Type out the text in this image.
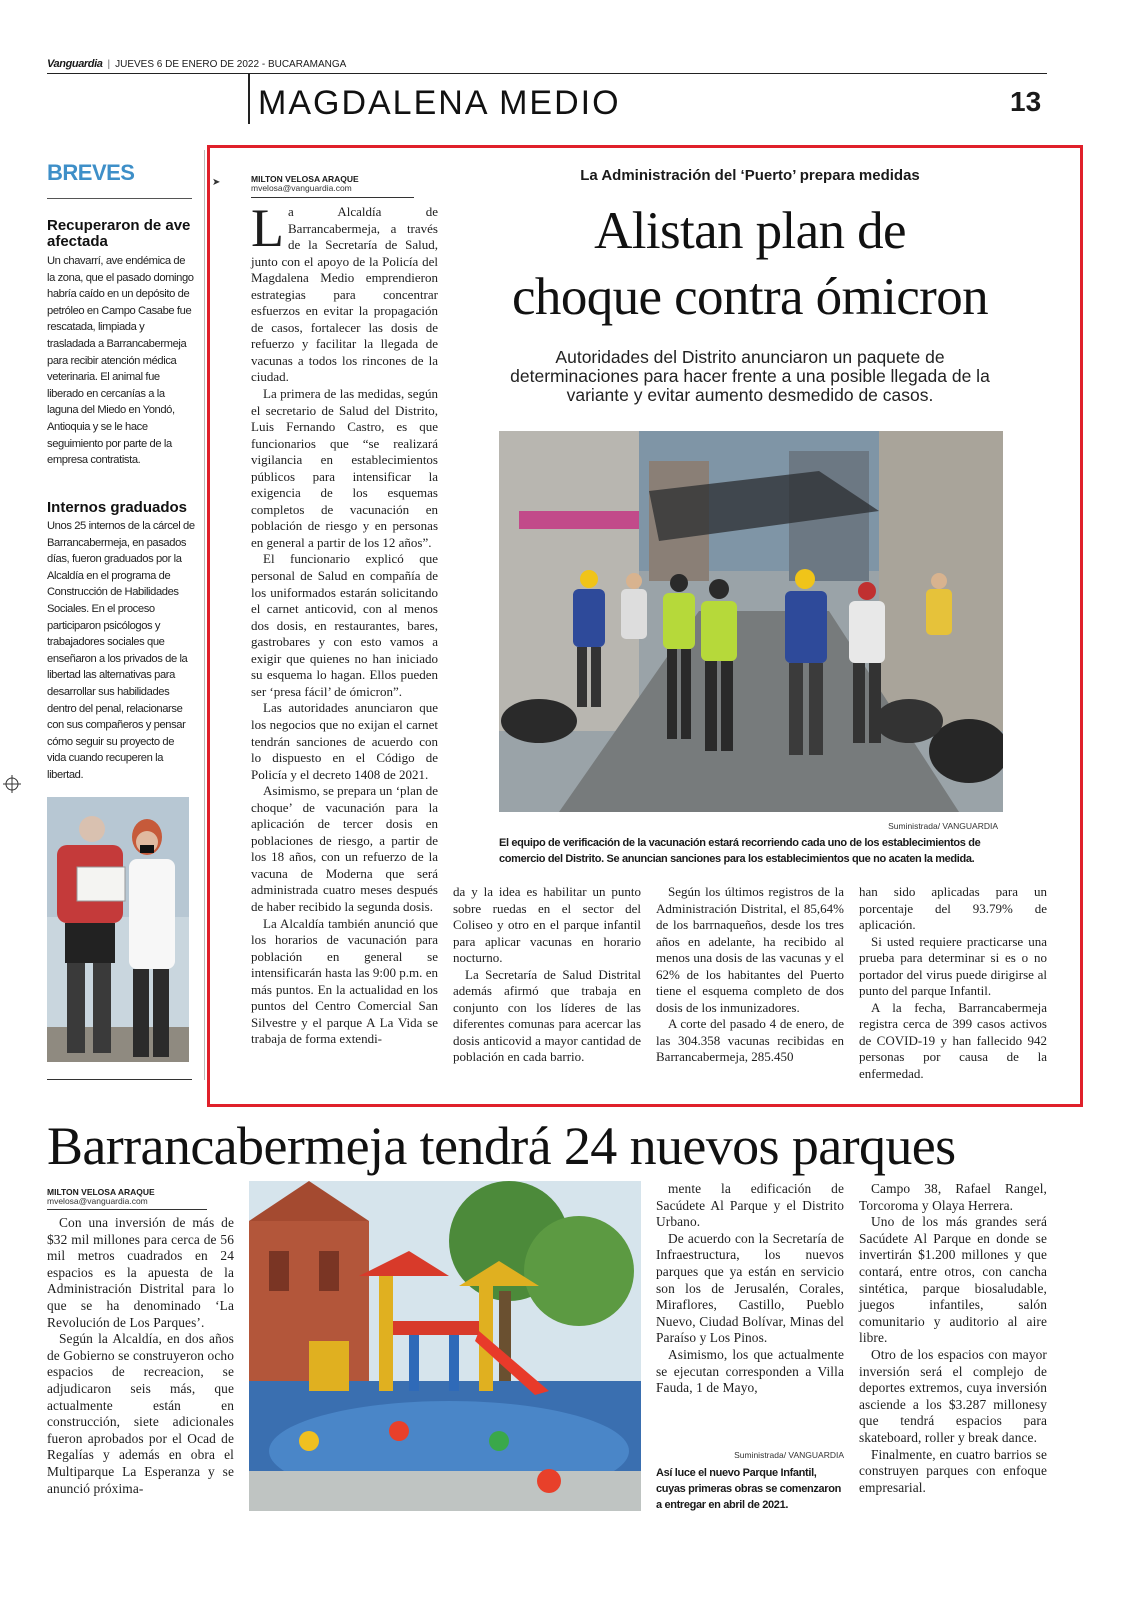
Vanguardia | JUEVES 6 DE ENERO DE 2022 - BUCARAMANGA
MAGDALENA MEDIO	13
BREVES
Recuperaron de ave afectada
Un chavarrí, ave endémica de la zona, que el pasado domingo habría caído en un depósito de petróleo en Campo Casabe fue rescatada, limpiada y trasladada a Barrancabermeja para recibir atención médica veterinaria. El animal fue liberado en cercanías a la laguna del Miedo en Yondó, Antioquia y se le hace seguimiento por parte de la empresa contratista.
Internos graduados
Unos 25 internos de la cárcel de Barrancabermeja, en pasados días, fueron graduados por la Alcaldía en el programa de Construcción de Habilidades Sociales. En el proceso participaron psicólogos y trabajadores sociales que enseñaron a los privados de la libertad las alternativas para desarrollar sus habilidades dentro del penal, relacionarse con sus compañeros y pensar cómo seguir su proyecto de vida cuando recuperen la libertad.
➤	MILTON VELOSA ARAQUE
mvelosa@vanguardia.com

La Alcaldía de Barrancabermeja, a través de la Secretaría de Salud, junto con el apoyo de la Policía del Magdalena Medio emprendieron estrategias para concentrar esfuerzos en evitar la propagación de casos, fortalecer las dosis de refuerzo y facilitar la llegada de vacunas a todos los rincones de la ciudad.

La primera de las medidas, según el secretario de Salud del Distrito, Luis Fernando Castro, es que funcionarios que “se realizará vigilancia en establecimientos públicos para intensificar la exigencia de los esquemas completos de vacunación en población de riesgo y en personas en general a partir de los 12 años”.

El funcionario explicó que personal de Salud en compañía de los uniformados estarán solicitando el carnet anticovid, con al menos dos dosis, en restaurantes, bares, gastrobares y con esto vamos a exigir que quienes no han iniciado su esquema lo hagan. Ellos pueden ser ‘presa fácil’ de ómicron”.

Las autoridades anunciaron que los negocios que no exijan el carnet tendrán sanciones de acuerdo con lo dispuesto en el Código de Policía y el decreto 1408 de 2021.

Asimismo, se prepara un ‘plan de choque’ de vacunación para la aplicación de tercer dosis en poblaciones de riesgo, a partir de los 18 años, con un refuerzo de la vacuna de Moderna que será administrada cuatro meses después de haber recibido la segunda dosis.

La Alcaldía también anunció que los horarios de vacunación para población en general se intensificarán hasta las 9:00 p.m. en más puntos. En la actualidad en los puntos del Centro Comercial San Silvestre y el parque A La Vida se trabaja de forma extendi-

La Administración del ‘Puerto’ prepara medidas
Alistan plan de
choque contra ómicron
Autoridades del Distrito anunciaron un paquete de determinaciones para hacer frente a una posible llegada de la variante y evitar aumento desmedido de casos.
Suministrada/ VANGUARDIA
El equipo de verificación de la vacunación estará recorriendo cada uno de los establecimientos de comercio del Distrito. Se anuncian sanciones para los establecimientos que no acaten la medida.

da y la idea es habilitar un punto sobre ruedas en el sector del Coliseo y otro en el parque infantil para aplicar vacunas en horario nocturno.

La Secretaría de Salud Distrital además afirmó que trabaja en conjunto con los líderes de las diferentes comunas para acercar las dosis anticovid a mayor cantidad de población en cada barrio.

Según los últimos registros de la Administración Distrital, el 85,64% de los barrnaqueños, desde los tres años en adelante, ha recibido al menos una dosis de las vacunas y el 62% de los habitantes del Puerto tiene el esquema completo de dos dosis de los inmunizadores.

A corte del pasado 4 de enero, de las 304.358 vacunas recibidas en Barrancabermeja, 285.450

han sido aplicadas para un porcentaje del 93.79% de aplicación.

Si usted requiere practicarse una prueba para determinar si es o no portador del virus puede dirigirse al punto del parque Infantil.

A la fecha, Barrancabermeja registra cerca de 399 casos activos de COVID-19 y han fallecido 942 personas por causa de la enfermedad.

Barrancabermeja tendrá 24 nuevos parques
MILTON VELOSA ARAQUE
mvelosa@vanguardia.com

Con una inversión de más de $32 mil millones para cerca de 56 mil metros cuadrados en 24 espacios es la apuesta de la Administración Distrital para lo que se ha denominado ‘La Revolución de Los Parques’.

Según la Alcaldía, en dos años de Gobierno se construyeron ocho espacios de recreacion, se adjudicaron seis más, que actualmente están en construcción, siete adicionales fueron aprobados por el Ocad de Regalías y además en obra el Multiparque La Esperanza y se anunció próxima-

mente la edificación de Sacúdete Al Parque y el Distrito Urbano.

De acuerdo con la Secretaría de Infraestructura, los nuevos parques que ya están en servicio son los de Jerusalén, Corales, Miraflores, Castillo, Pueblo Nuevo, Ciudad Bolívar, Minas del Paraíso y Los Pinos.

Asimismo, los que actualmente se ejecutan corresponden a Villa Fauda, 1 de Mayo,

Suministrada/ VANGUARDIA
Así luce el nuevo Parque Infantil, cuyas primeras obras se comenzaron a entregar en abril de 2021.

Campo 38, Rafael Rangel, Torcoroma y Olaya Herrera.

Uno de los más grandes será Sacúdete Al Parque en donde se invertirán $1.200 millones y que contará, entre otros, con cancha sintética, parque biosaludable, juegos infantiles, salón comunitario y auditorio al aire libre.

Otro de los espacios con mayor inversión será el complejo de deportes extremos, cuya inversión asciende a los $3.287 millonesy que tendrá espacios para skateboard, roller y break dance.

Finalmente, en cuatro barrios se construyen parques con enfoque empresarial.
